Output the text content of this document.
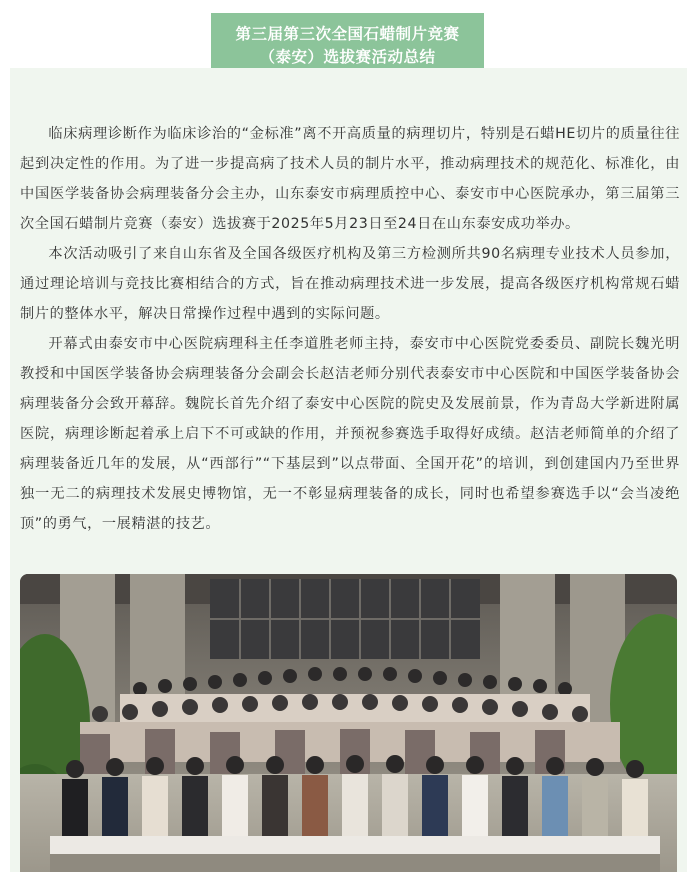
第三届第三次全国石蜡制片竞赛
（泰安）选拔赛活动总结

临床病理诊断作为临床诊治的“金标准”离不开高质量的病理切片，特别是石蜡HE切片的质量往往起到决定性的作用。为了进一步提高病了技术人员的制片水平，推动病理技术的规范化、标准化，由中国医学装备协会病理装备分会主办，山东泰安市病理质控中心、泰安市中心医院承办，第三届第三次全国石蜡制片竞赛（泰安）选拔赛于2025年5月23日至24日在山东泰安成功举办。

本次活动吸引了来自山东省及全国各级医疗机构及第三方检测所共90名病理专业技术人员参加，通过理论培训与竞技比赛相结合的方式，旨在推动病理技术进一步发展，提高各级医疗机构常规石蜡制片的整体水平，解决日常操作过程中遇到的实际问题。

开幕式由泰安市中心医院病理科主任李道胜老师主持，泰安市中心医院党委委员、副院长魏光明教授和中国医学装备协会病理装备分会副会长赵洁老师分别代表泰安市中心医院和中国医学装备协会病理装备分会致开幕辞。魏院长首先介绍了泰安中心医院的院史及发展前景，作为青岛大学新进附属医院，病理诊断起着承上启下不可或缺的作用，并预祝参赛选手取得好成绩。赵洁老师简单的介绍了病理装备近几年的发展，从“西部行”“下基层到”以点带面、全国开花”的培训，到创建国内乃至世界独一无二的病理技术发展史博物馆，无一不彰显病理装备的成长，同时也希望参赛选手以“会当凌绝顶”的勇气，一展精湛的技艺。
